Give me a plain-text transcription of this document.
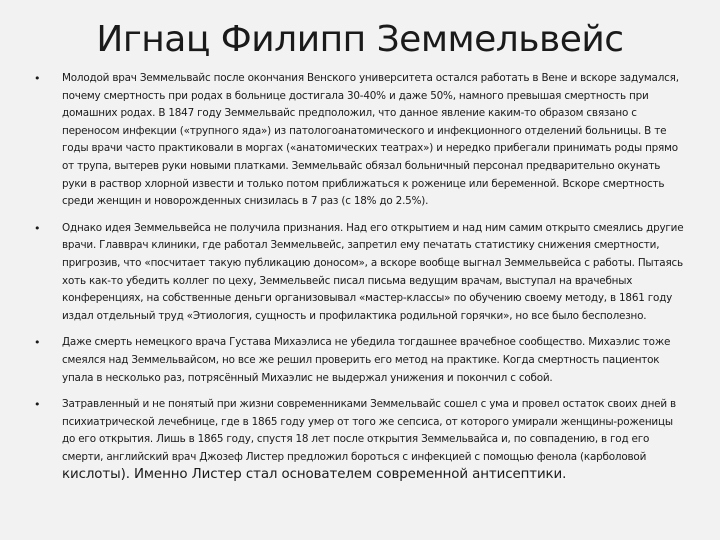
Игнац Филипп Земмельвейс
• Молодой врач Земмельвайс после окончания Венского университета остался работать в Вене и вскоре задумался, почему смертность при родах в больнице достигала 30-40% и даже 50%, намного превышая смертность при домашних родах. В 1847 году Земмельвайс предположил, что данное явление каким-то образом связано с переносом инфекции («трупного яда») из патологоанатомического и инфекционного отделений больницы. В те годы врачи часто практиковали в моргах («анатомических театрах») и нередко прибегали принимать роды прямо от трупа, вытерев руки новыми платками. Земмельвайс обязал больничный персонал предварительно окунать руки в раствор хлорной извести и только потом приближаться к роженице или беременной. Вскоре смертность среди женщин и новорожденных снизилась в 7 раз (с 18% до 2.5%).
• Однако идея Земмельвейса не получила признания. Над его открытием и над ним самим открыто смеялись другие врачи. Главврач клиники, где работал Земмельвейс, запретил ему печатать статистику снижения смертности, пригрозив, что «посчитает такую публикацию доносом», а вскоре вообще выгнал Земмельвейса с работы. Пытаясь хоть как-то убедить коллег по цеху, Земмельвейс писал письма ведущим врачам, выступал на врачебных конференциях, на собственные деньги организовывал «мастер-классы» по обучению своему методу, в 1861 году издал отдельный труд «Этиология, сущность и профилактика родильной горячки», но все было бесполезно.
• Даже смерть немецкого врача Густава Михаэлиса не убедила тогдашнее врачебное сообщество. Михаэлис тоже смеялся над Земмельвайсом, но все же решил проверить его метод на практике. Когда смертность пациенток упала в несколько раз, потрясённый Михаэлис не выдержал унижения и покончил с собой.
• Затравленный и не понятый при жизни современниками Земмельвайс сошел с ума и провел остаток своих дней в психиатрической лечебнице, где в 1865 году умер от того же сепсиса, от которого умирали женщины-роженицы до его открытия. Лишь в 1865 году, спустя 18 лет после открытия Земмельвайса и, по совпадению, в год его смерти, английский врач Джозеф Листер предложил бороться с инфекцией с помощью фенола (карболовой кислоты). Именно Листер стал основателем современной антисептики.
